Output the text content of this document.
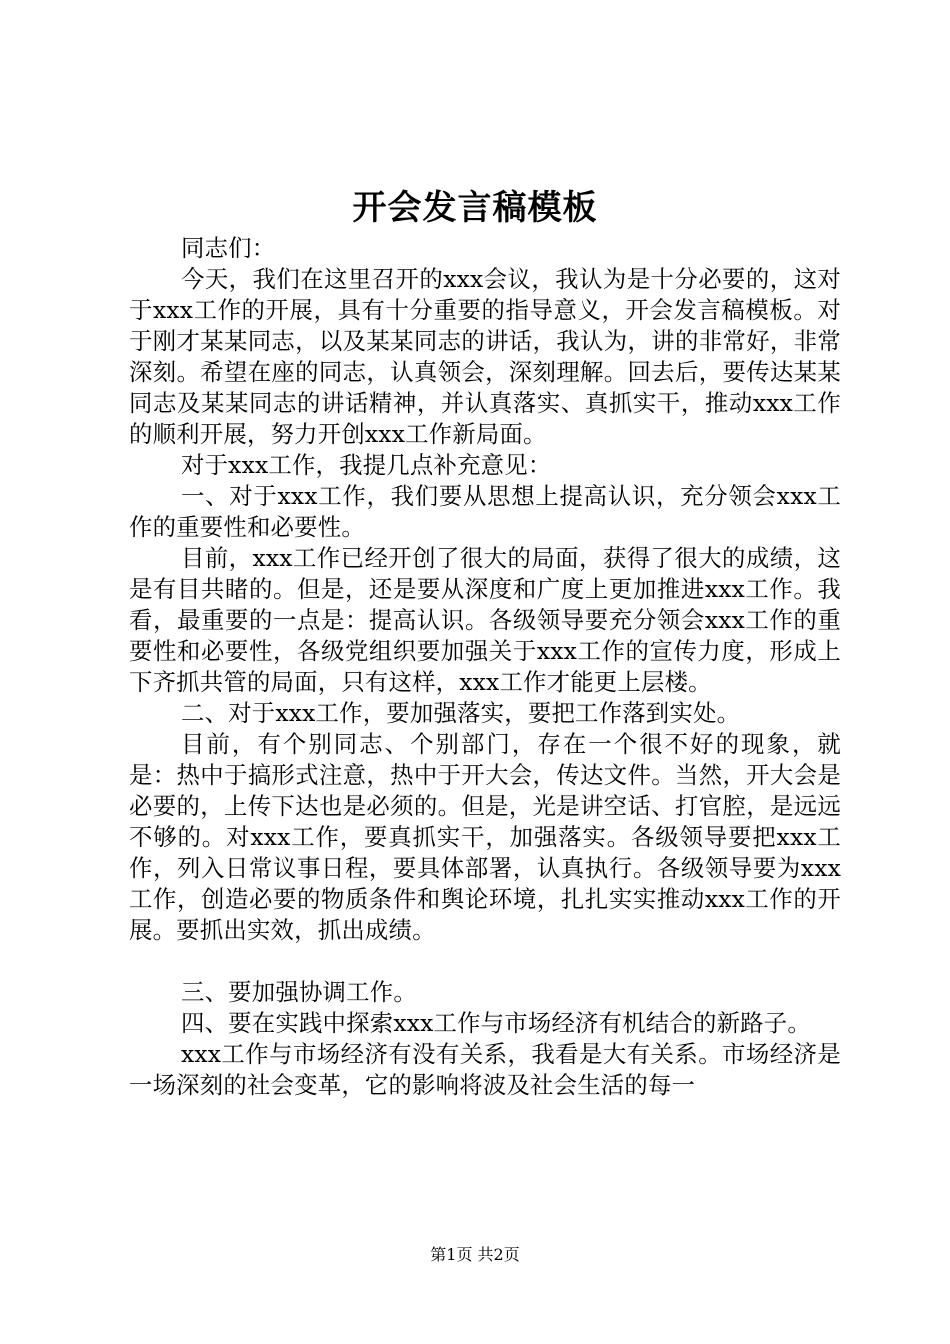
开会发言稿模板

同志们：

今天，我们在这里召开的xxx会议，我认为是十分必要的，这对于xxx工作的开展，具有十分重要的指导意义，开会发言稿模板。对于刚才某某同志，以及某某同志的讲话，我认为，讲的非常好，非常深刻。希望在座的同志，认真领会，深刻理解。回去后，要传达某某同志及某某同志的讲话精神，并认真落实、真抓实干，推动xxx工作的顺利开展，努力开创xxx工作新局面。

对于xxx工作，我提几点补充意见：

一、对于xxx工作，我们要从思想上提高认识，充分领会xxx工作的重要性和必要性。

目前，xxx工作已经开创了很大的局面，获得了很大的成绩，这是有目共睹的。但是，还是要从深度和广度上更加推进xxx工作。我看，最重要的一点是：提高认识。各级领导要充分领会xxx工作的重要性和必要性，各级党组织要加强关于xxx工作的宣传力度，形成上下齐抓共管的局面，只有这样，xxx工作才能更上层楼。

二、对于xxx工作，要加强落实，要把工作落到实处。

目前，有个别同志、个别部门，存在一个很不好的现象，就是：热中于搞形式注意，热中于开大会，传达文件。当然，开大会是必要的，上传下达也是必须的。但是，光是讲空话、打官腔，是远远不够的。对xxx工作，要真抓实干，加强落实。各级领导要把xxx工作，列入日常议事日程，要具体部署，认真执行。各级领导要为xxx工作，创造必要的物质条件和舆论环境，扎扎实实推动xxx工作的开展。要抓出实效，抓出成绩。

三、要加强协调工作。

四、要在实践中探索xxx工作与市场经济有机结合的新路子。

xxx工作与市场经济有没有关系，我看是大有关系。市场经济是一场深刻的社会变革，它的影响将波及社会生活的每一

第1页 共2页
